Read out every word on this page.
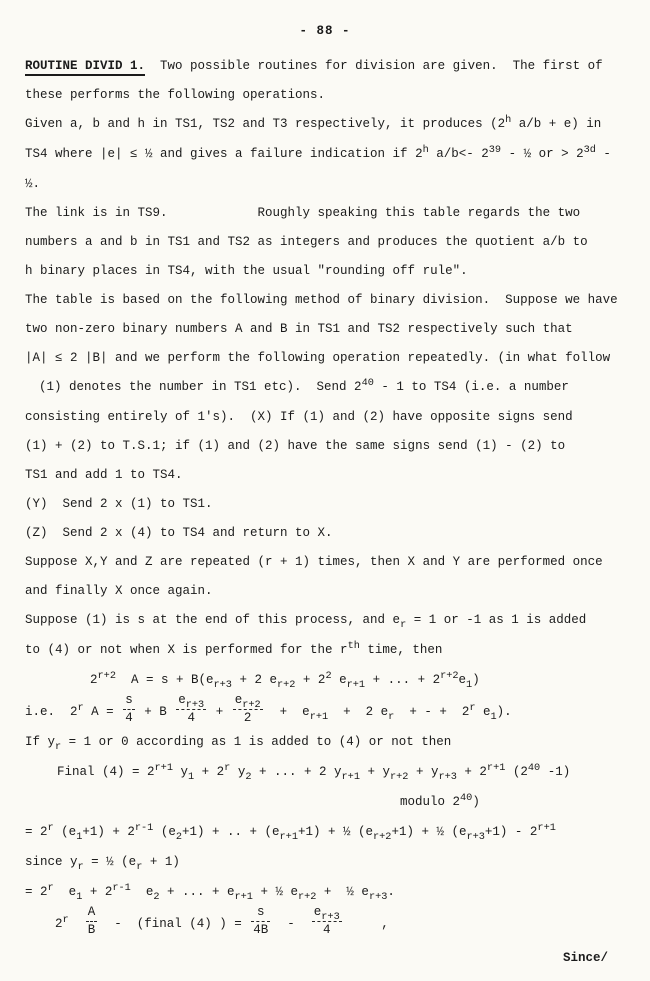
- 88 -
ROUTINE DIVID 1.  Two possible routines for division are given.  The first of
these performs the following operations.
Given a, b and h in TS1, TS2 and T3 respectively, it produces (2$^h$ a/b + e) in
TS4 where |e| ≤ ½ and gives a failure indication if 2$^h$ a/b<- $2^{39}$ - ½ or > $2^{3d}$ - ½.
The link is in TS9.            Roughly speaking this table regards the two
numbers a and b in TS1 and TS2 as integers and produces the quotient a/b to
h binary places in TS4, with the usual "rounding off rule".
The table is based on the following method of binary division.  Suppose we have
two non-zero binary numbers A and B in TS1 and TS2 respectively such that
|A| ≤ 2 |B| and we perform the following operation repeatedly. (in what follow
(1) denotes the number in TS1 etc).  Send $2^{40} - 1$ to TS4 (i.e. a number
consisting entirely of 1's).  (X) If (1) and (2) have opposite signs send
(1) + (2) to T.S.1; if (1) and (2) have the same signs send (1) - (2) to
TS1 and add 1 to TS4.
(Y)  Send 2 x (1) to TS1.
(Z)  Send 2 x (4) to TS4 and return to X.
Suppose X,Y and Z are repeated (r + 1) times, then X and Y are performed once
and finally X once again.
Suppose (1) is s at the end of this process, and $e_r = 1$ or -1 as 1 is added
to (4) or not when X is performed for the $r^{th}$ time, then
$2^{r+2}$  $A = s + B(e_{r+3} + 2$ $e_{r+2} + 2^2$ $e_{r+1}$ + ... + $2^{r+2}e_1$)
i.e.  2$^r$ $A = \frac{s}{4} + B \frac{e_{r+3}}{4} + \frac{e_{r+2}}{2} + e_{r+1} + 2$ $e_r$  + - +  2$^r$ $e_1$).
If $y_r = 1$ or 0 according as 1 is added to (4) or not then
Final $(4) = 2^{r+1}$ $y_1 + 2^r$ $y_2$ + ... + 2 $y_{r+1} + y_{r+2} + y_{r+3} + 2^{r+1}$ ($2^{40}$ -1)
modulo $2^{40}$)
= $2^r$ $(e_1+1) + 2^{r-1}$ $(e_2+1)$ + .. + $(e_{r+1}+1)$ + ½ $(e_{r+2}+1)$ + ½ $(e_{r+3}+1) - 2^{r+1}$
since $y_r$ = ½ $(e_r + 1)$
= $2^r$  $e_1 + 2^{r-1}$  $e_2$ + ... + $e_{r+1}$ + ½ $e_{r+2}$ +  ½ $e_{r+3}$.
$2^r \frac{A}{B}$ -  (final (4) ) = $\frac{s}{4B} - \frac{e_{r+3}}{4}$ ,
Since/
